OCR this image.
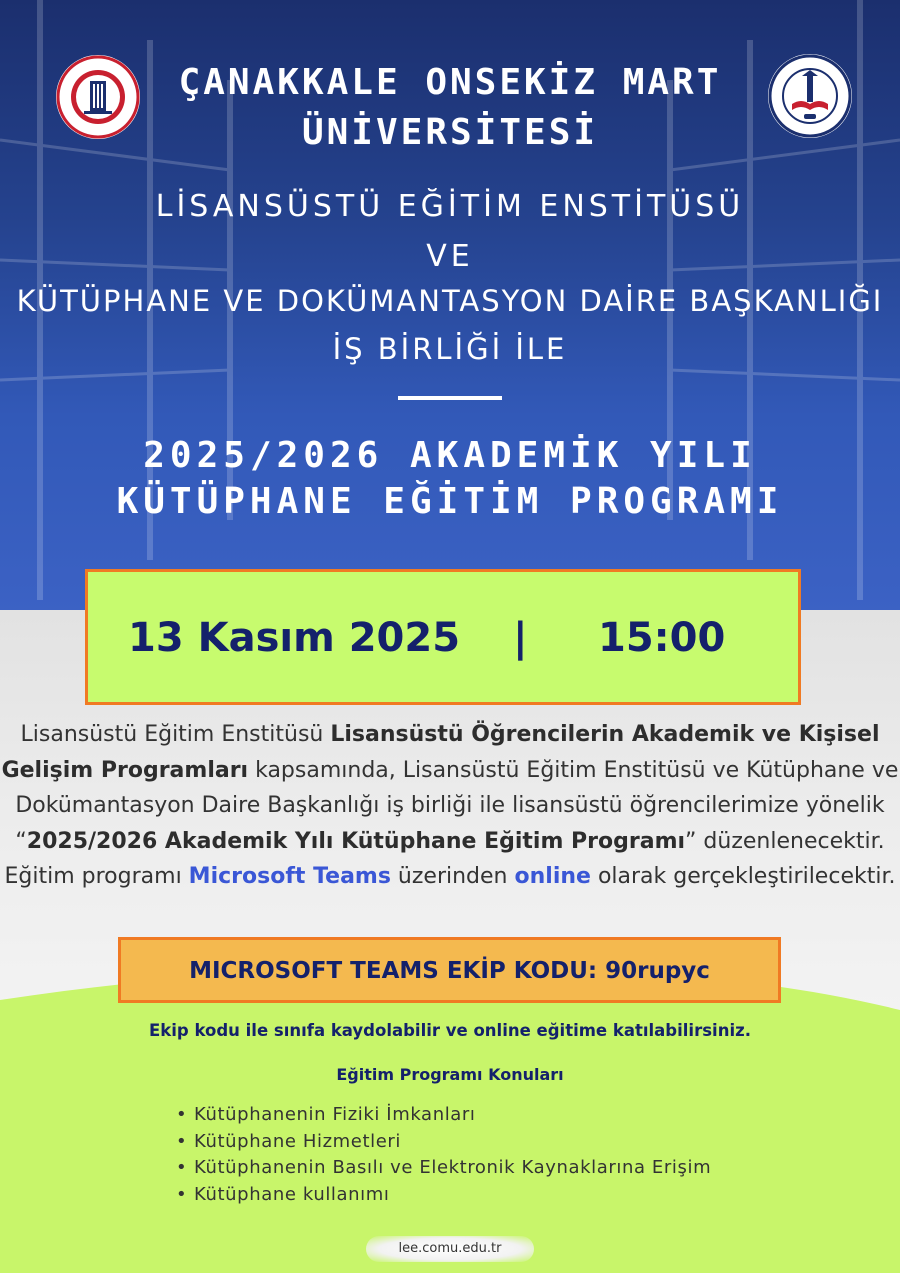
ÇANAKKALE ONSEKİZ MART
ÜNİVERSİTESİ
LİSANSÜSTÜ EĞİTİM ENSTİTÜSÜ
VE
KÜTÜPHANE VE DOKÜMANTASYON DAİRE BAŞKANLIĞI
İŞ BİRLİĞİ İLE
2025/2026 AKADEMİK YILI
KÜTÜPHANE EĞİTİM PROGRAMI
13 Kasım 2025 | 15:00
Lisansüstü Eğitim Enstitüsü Lisansüstü Öğrencilerin Akademik ve Kişisel Gelişim Programları kapsamında, Lisansüstü Eğitim Enstitüsü ve Kütüphane ve Dokümantasyon Daire Başkanlığı iş birliği ile lisansüstü öğrencilerimize yönelik “2025/2026 Akademik Yılı Kütüphane Eğitim Programı” düzenlenecektir. Eğitim programı Microsoft Teams üzerinden online olarak gerçekleştirilecektir.
MICROSOFT TEAMS EKİP KODU: 90rupyc
Ekip kodu ile sınıfa kaydolabilir ve online eğitime katılabilirsiniz.
Eğitim Programı Konuları
• Kütüphanenin Fiziki İmkanları
• Kütüphane Hizmetleri
• Kütüphanenin Basılı ve Elektronik Kaynaklarına Erişim
• Kütüphane kullanımı
lee.comu.edu.tr
